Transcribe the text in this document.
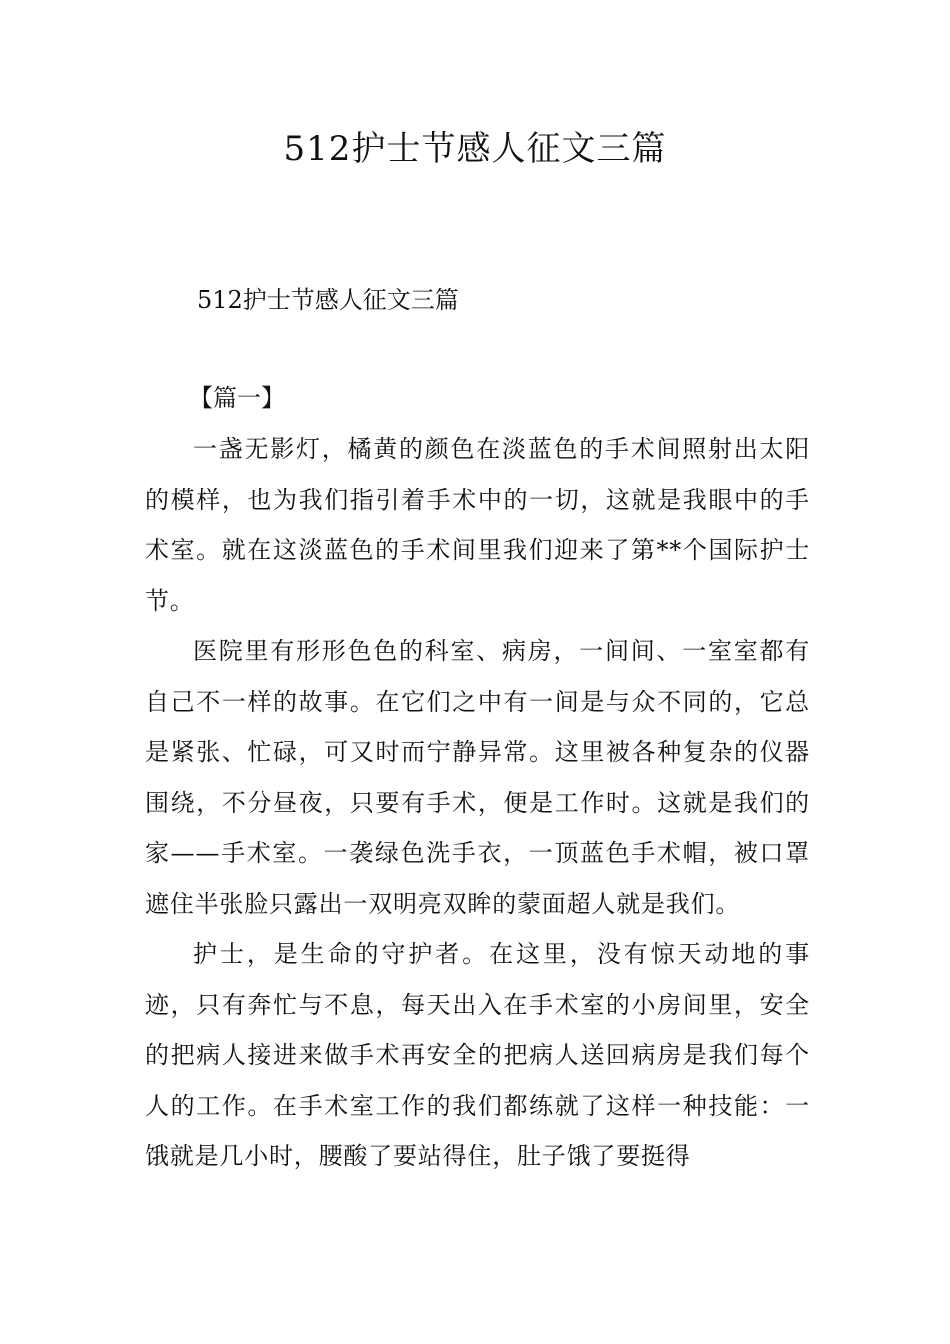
512护士节感人征文三篇

512护士节感人征文三篇

【篇一】

一盏无影灯，橘黄的颜色在淡蓝色的手术间照射出太阳的模样，也为我们指引着手术中的一切，这就是我眼中的手术室。就在这淡蓝色的手术间里我们迎来了第**个国际护士节。

医院里有形形色色的科室、病房，一间间、一室室都有自己不一样的故事。在它们之中有一间是与众不同的，它总是紧张、忙碌，可又时而宁静异常。这里被各种复杂的仪器围绕，不分昼夜，只要有手术，便是工作时。这就是我们的家——手术室。一袭绿色洗手衣，一顶蓝色手术帽，被口罩遮住半张脸只露出一双明亮双眸的蒙面超人就是我们。

护士，是生命的守护者。在这里，没有惊天动地的事迹，只有奔忙与不息，每天出入在手术室的小房间里，安全的把病人接进来做手术再安全的把病人送回病房是我们每个人的工作。在手术室工作的我们都练就了这样一种技能：一饿就是几小时，腰酸了要站得住，肚子饿了要挺得
